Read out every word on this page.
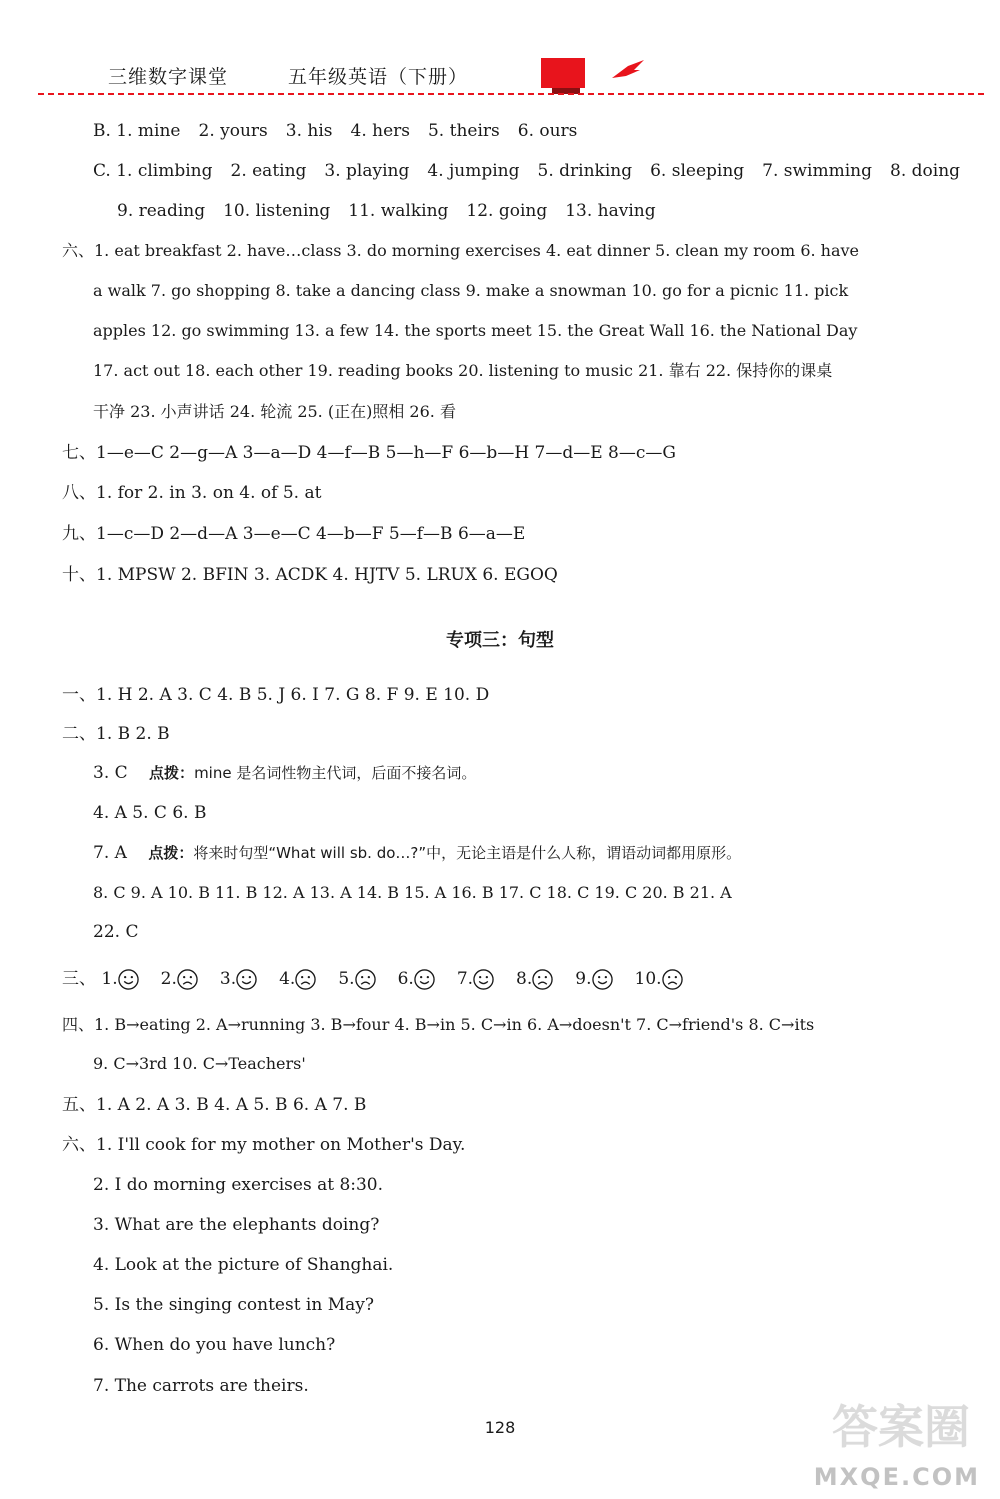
三维数字课堂	五年级英语（下册）
B. 1. mine 2. yours 3. his 4. hers 5. theirs 6. ours
C. 1. climbing 2. eating 3. playing 4. jumping 5. drinking 6. sleeping 7. swimming 8. doing
9. reading 10. listening 11. walking 12. going 13. having
六、1. eat breakfast 2. have…class 3. do morning exercises 4. eat dinner 5. clean my room 6. have
a walk 7. go shopping 8. take a dancing class 9. make a snowman 10. go for a picnic 11. pick
apples 12. go swimming 13. a few 14. the sports meet 15. the Great Wall 16. the National Day
17. act out 18. each other 19. reading books 20. listening to music 21. 靠右 22. 保持你的课桌
干净 23. 小声讲话 24. 轮流 25. (正在)照相 26. 看
七、1—e—C 2—g—A 3—a—D 4—f—B 5—h—F 6—b—H 7—d—E 8—c—G
八、1. for 2. in 3. on 4. of 5. at
九、1—c—D 2—d—A 3—e—C 4—b—F 5—f—B 6—a—E
十、1. MPSW 2. BFIN 3. ACDK 4. HJTV 5. LRUX 6. EGOQ
专项三：句型
一、1. H 2. A 3. C 4. B 5. J 6. I 7. G 8. F 9. E 10. D
二、1. B 2. B
3. C 点拨：mine 是名词性物主代词，后面不接名词。
4. A 5. C 6. B
7. A 点拨：将来时句型“What will sb. do…?”中，无论主语是什么人称，谓语动词都用原形。
8. C 9. A 10. B 11. B 12. A 13. A 14. B 15. A 16. B 17. C 18. C 19. C 20. B 21. A
22. C
三、 1.	2.	3.	4.	5.	6.	7.	8.	9.	10.
四、1. B→eating 2. A→running 3. B→four 4. B→in 5. C→in 6. A→doesn't 7. C→friend's 8. C→its
9. C→3rd 10. C→Teachers'
五、1. A 2. A 3. B 4. A 5. B 6. A 7. B
六、1. I'll cook for my mother on Mother's Day.
2. I do morning exercises at 8:30.
3. What are the elephants doing?
4. Look at the picture of Shanghai.
5. Is the singing contest in May?
6. When do you have lunch?
7. The carrots are theirs.
128	答案圈
MXQE.COM
